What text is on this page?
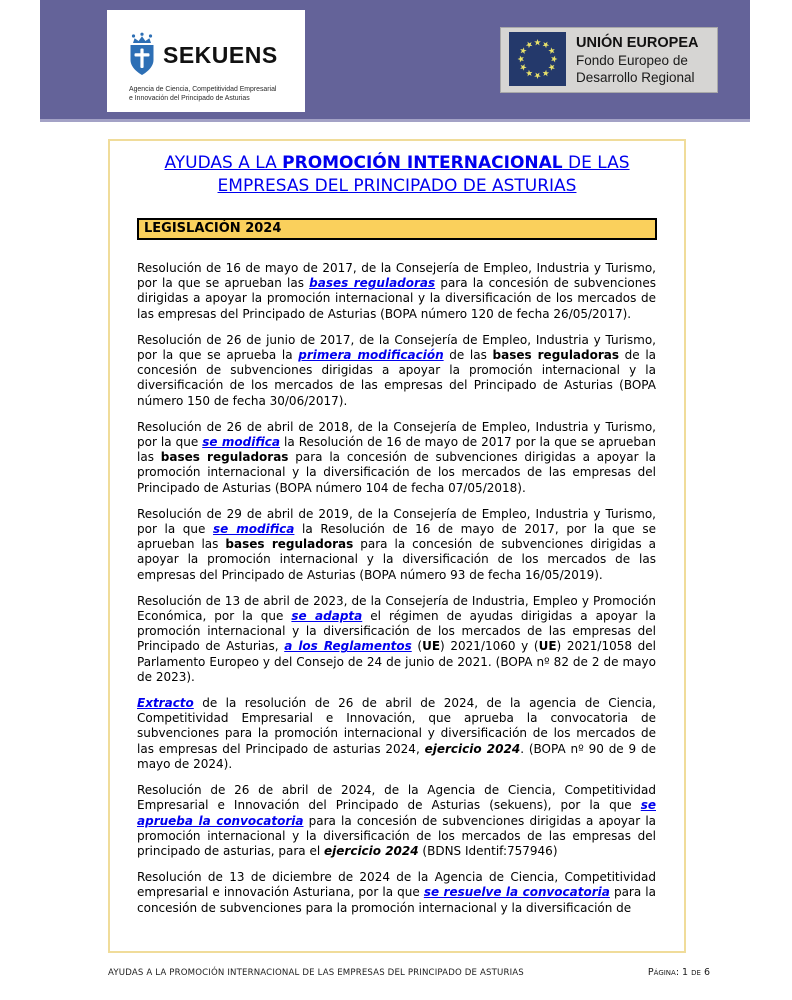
SEKUENS
Agencia de Ciencia, Competitividad Empresarial
e Innovación del Principado de Asturias
UNIÓN EUROPEA
Fondo Europeo de
Desarrollo Regional
AYUDAS A LA PROMOCIÓN INTERNACIONAL DE LAS EMPRESAS DEL PRINCIPADO DE ASTURIAS
LEGISLACIÓN 2024

Resolución de 16 de mayo de 2017, de la Consejería de Empleo, Industria y Turismo, por la que se aprueban las bases reguladoras para la concesión de subvenciones dirigidas a apoyar la promoción internacional y la diversificación de los mercados de las empresas del Principado de Asturias (BOPA número 120 de fecha 26/05/2017).

Resolución de 26 de junio de 2017, de la Consejería de Empleo, Industria y Turismo, por la que se aprueba la primera modificación de las bases reguladoras de la concesión de subvenciones dirigidas a apoyar la promoción internacional y la diversificación de los mercados de las empresas del Principado de Asturias (BOPA número 150 de fecha 30/06/2017).

Resolución de 26 de abril de 2018, de la Consejería de Empleo, Industria y Turismo, por la que se modifica la Resolución de 16 de mayo de 2017 por la que se aprueban las bases reguladoras para la concesión de subvenciones dirigidas a apoyar la promoción internacional y la diversificación de los mercados de las empresas del Principado de Asturias (BOPA número 104 de fecha 07/05/2018).

Resolución de 29 de abril de 2019, de la Consejería de Empleo, Industria y Turismo, por la que se modifica la Resolución de 16 de mayo de 2017, por la que se aprueban las bases reguladoras para la concesión de subvenciones dirigidas a apoyar la promoción internacional y la diversificación de los mercados de las empresas del Principado de Asturias (BOPA número 93 de fecha 16/05/2019).

Resolución de 13 de abril de 2023, de la Consejería de Industria, Empleo y Promoción Económica, por la que se adapta el régimen de ayudas dirigidas a apoyar la promoción internacional y la diversificación de los mercados de las empresas del Principado de Asturias, a los Reglamentos (UE) 2021/1060 y (UE) 2021/1058 del Parlamento Europeo y del Consejo de 24 de junio de 2021. (BOPA nº 82 de 2 de mayo de 2023).

Extracto de la resolución de 26 de abril de 2024, de la agencia de Ciencia, Competitividad Empresarial e Innovación, que aprueba la convocatoria de subvenciones para la promoción internacional y diversificación de los mercados de las empresas del Principado de asturias 2024, ejercicio 2024. (BOPA nº 90 de 9 de mayo de 2024).

Resolución de 26 de abril de 2024, de la Agencia de Ciencia, Competitividad Empresarial e Innovación del Principado de Asturias (sekuens), por la que se aprueba la convocatoria para la concesión de subvenciones dirigidas a apoyar la promoción internacional y la diversificación de los mercados de las empresas del principado de asturias, para el ejercicio 2024 (BDNS Identif:757946)

Resolución de 13 de diciembre de 2024 de la Agencia de Ciencia, Competitividad empresarial e innovación Asturiana, por la que se resuelve la convocatoria para la concesión de subvenciones para la promoción internacional y la diversificación de

AYUDAS A LA PROMOCIÓN INTERNACIONAL DE LAS EMPRESAS DEL PRINCIPADO DE ASTURIAS	Página: 1 de 6
